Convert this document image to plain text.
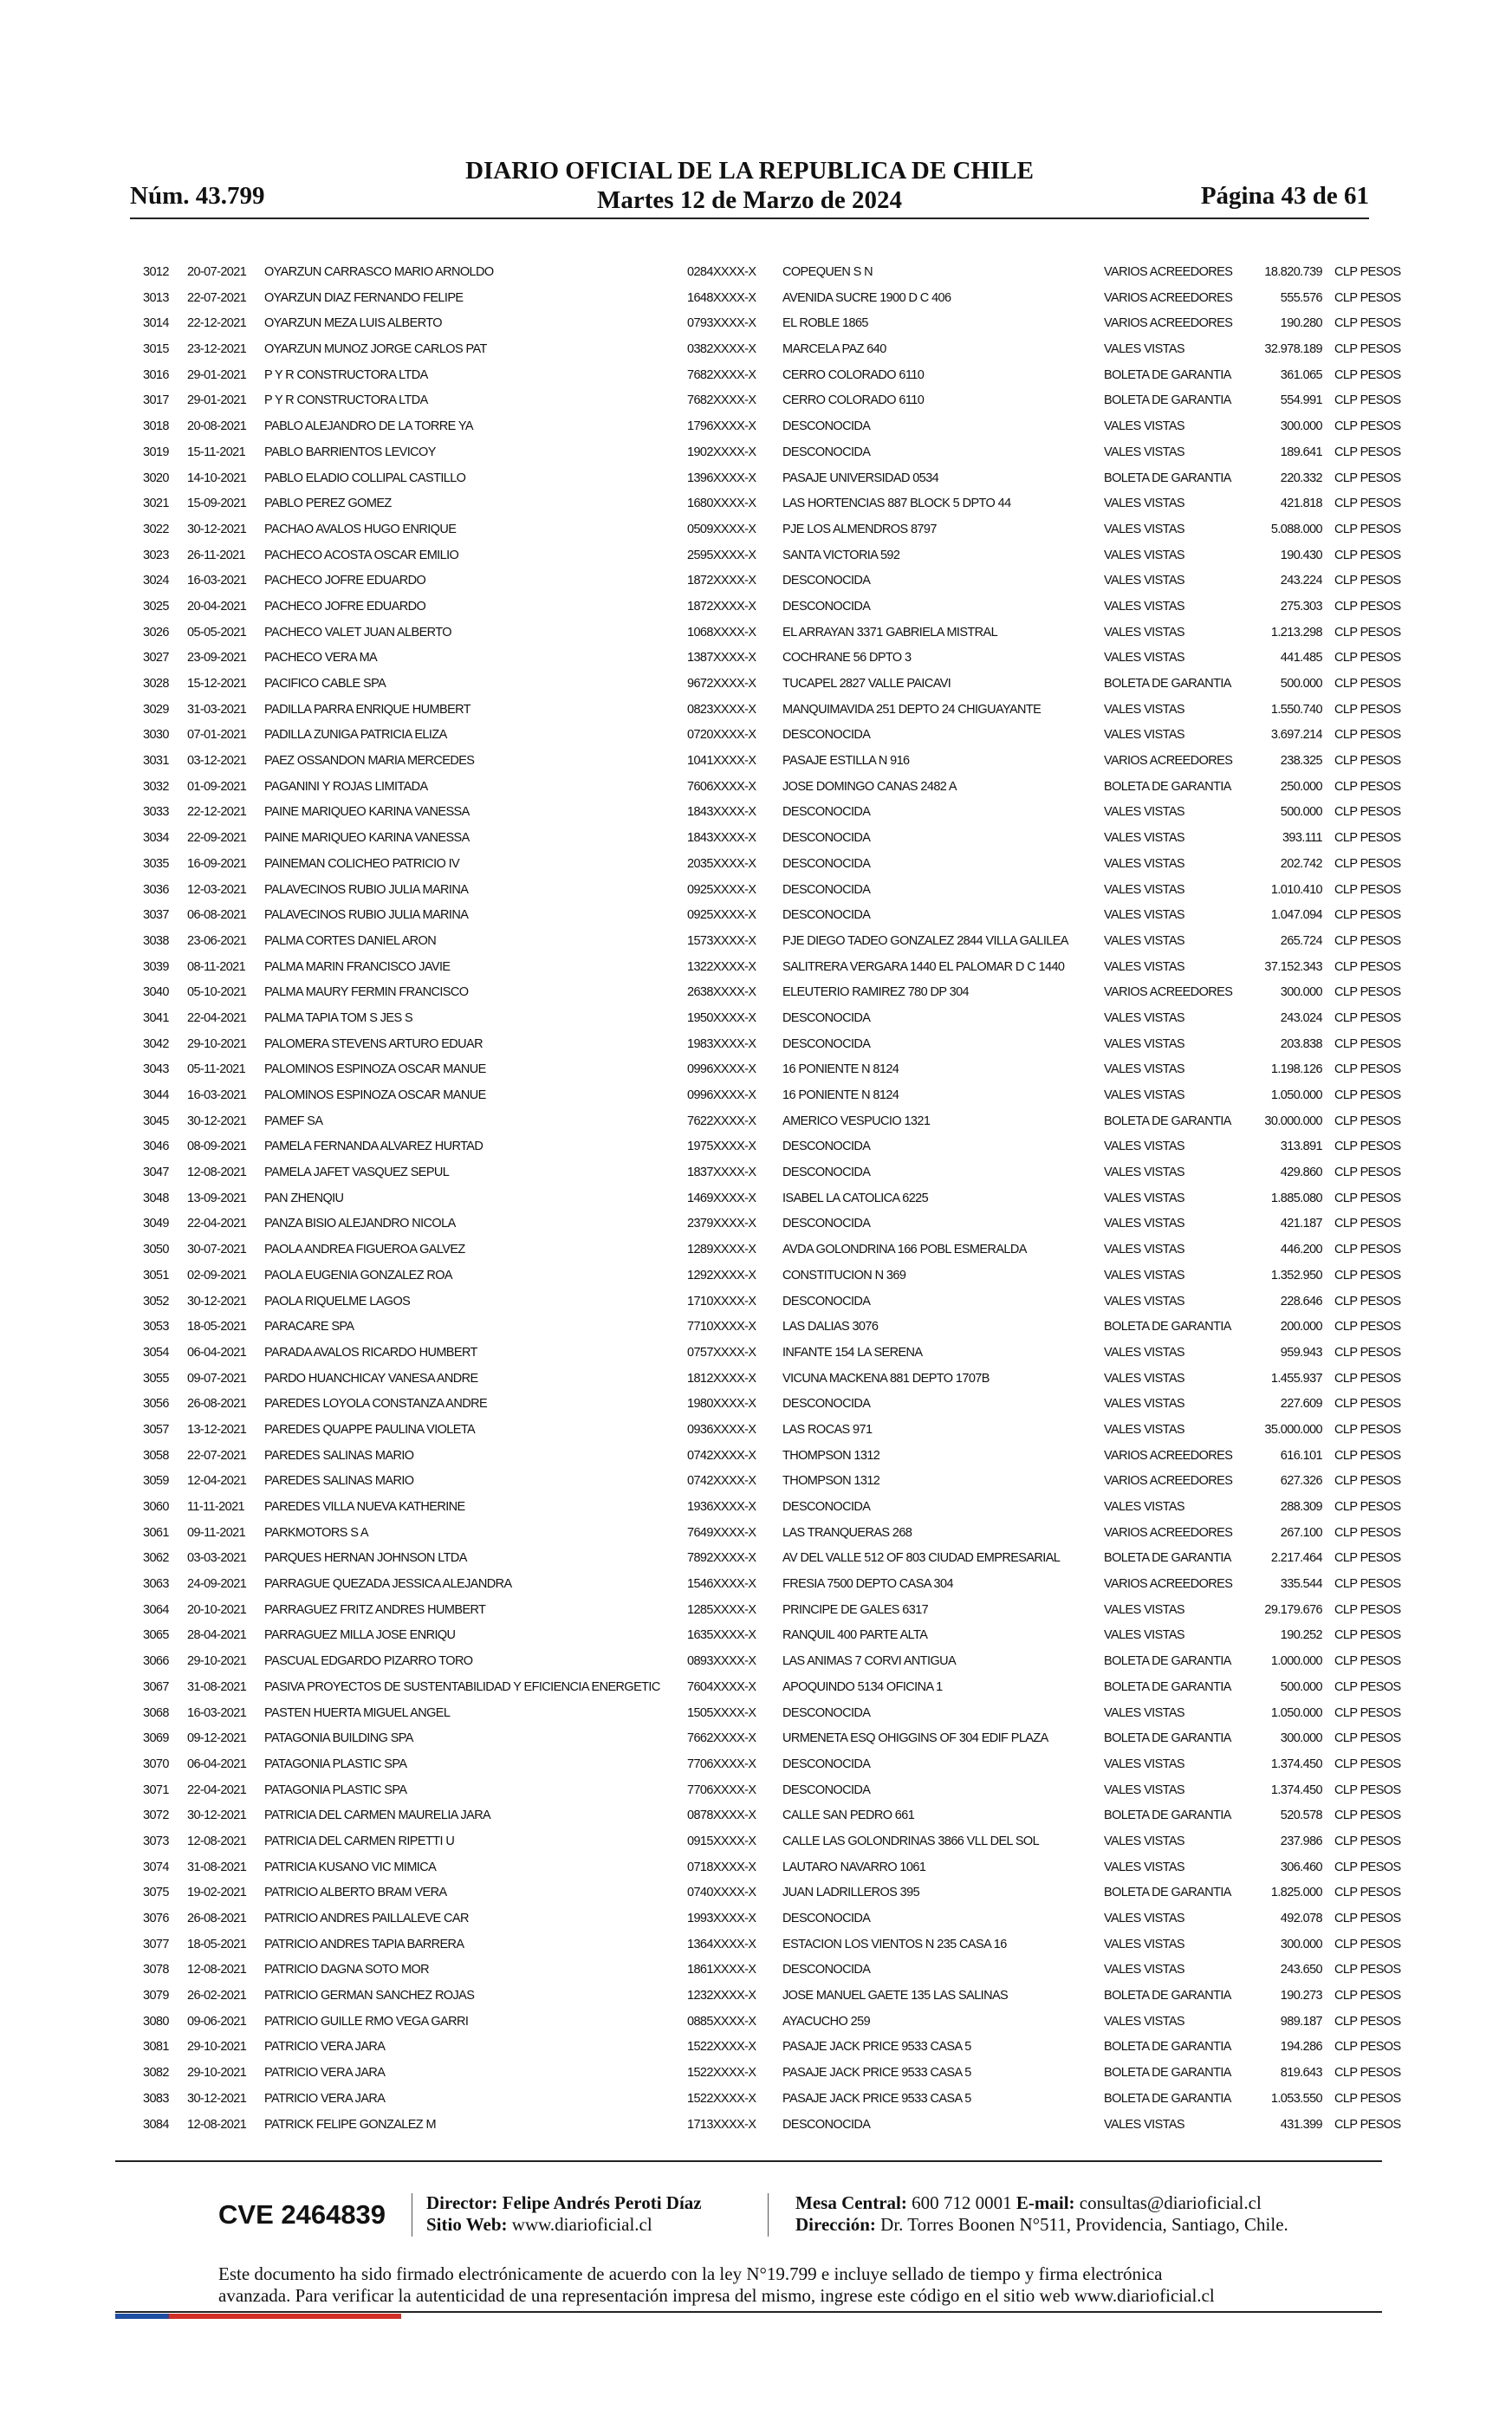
Núm. 43.799
DIARIO OFICIAL DE LA REPUBLICA DE CHILE
Martes 12 de Marzo de 2024	Página 43 de 61
3012 20-07-2021 OYARZUN CARRASCO MARIO ARNOLDO	0284XXXX-X COPEQUEN S N	VARIOS ACREEDORES	18.820.739 CLP PESOS
3013 22-07-2021 OYARZUN DIAZ FERNANDO FELIPE	1648XXXX-X AVENIDA SUCRE 1900 D C 406	VARIOS ACREEDORES	555.576 CLP PESOS
3014 22-12-2021 OYARZUN MEZA LUIS ALBERTO	0793XXXX-X EL ROBLE 1865	VARIOS ACREEDORES	190.280 CLP PESOS
3015 23-12-2021 OYARZUN MUNOZ JORGE CARLOS PAT	0382XXXX-X MARCELA PAZ 640	VALES VISTAS	32.978.189 CLP PESOS
3016 29-01-2021 P Y R CONSTRUCTORA LTDA	7682XXXX-X CERRO COLORADO 6110	BOLETA DE GARANTIA	361.065 CLP PESOS
3017 29-01-2021 P Y R CONSTRUCTORA LTDA	7682XXXX-X CERRO COLORADO 6110	BOLETA DE GARANTIA	554.991 CLP PESOS
3018 20-08-2021 PABLO ALEJANDRO DE LA TORRE YA	1796XXXX-X DESCONOCIDA	VALES VISTAS	300.000 CLP PESOS
3019 15-11-2021 PABLO BARRIENTOS LEVICOY	1902XXXX-X DESCONOCIDA	VALES VISTAS	189.641 CLP PESOS
3020 14-10-2021 PABLO ELADIO COLLIPAL CASTILLO	1396XXXX-X PASAJE UNIVERSIDAD 0534	BOLETA DE GARANTIA	220.332 CLP PESOS
3021 15-09-2021 PABLO PEREZ GOMEZ	1680XXXX-X LAS HORTENCIAS 887 BLOCK 5 DPTO 44	VALES VISTAS	421.818 CLP PESOS
3022 30-12-2021 PACHAO AVALOS HUGO ENRIQUE	0509XXXX-X PJE LOS ALMENDROS 8797	VALES VISTAS	5.088.000 CLP PESOS
3023 26-11-2021 PACHECO ACOSTA OSCAR EMILIO	2595XXXX-X SANTA VICTORIA 592	VALES VISTAS	190.430 CLP PESOS
3024 16-03-2021 PACHECO JOFRE EDUARDO	1872XXXX-X DESCONOCIDA	VALES VISTAS	243.224 CLP PESOS
3025 20-04-2021 PACHECO JOFRE EDUARDO	1872XXXX-X DESCONOCIDA	VALES VISTAS	275.303 CLP PESOS
3026 05-05-2021 PACHECO VALET JUAN ALBERTO	1068XXXX-X EL ARRAYAN 3371 GABRIELA MISTRAL	VALES VISTAS	1.213.298 CLP PESOS
3027 23-09-2021 PACHECO VERA MA	1387XXXX-X COCHRANE 56 DPTO 3	VALES VISTAS	441.485 CLP PESOS
3028 15-12-2021 PACIFICO CABLE SPA	9672XXXX-X TUCAPEL 2827 VALLE PAICAVI	BOLETA DE GARANTIA	500.000 CLP PESOS
3029 31-03-2021 PADILLA PARRA ENRIQUE HUMBERT	0823XXXX-X MANQUIMAVIDA 251 DEPTO 24 CHIGUAYANTE	VALES VISTAS	1.550.740 CLP PESOS
3030 07-01-2021 PADILLA ZUNIGA PATRICIA ELIZA	0720XXXX-X DESCONOCIDA	VALES VISTAS	3.697.214 CLP PESOS
3031 03-12-2021 PAEZ OSSANDON MARIA MERCEDES	1041XXXX-X PASAJE ESTILLA N 916	VARIOS ACREEDORES	238.325 CLP PESOS
3032 01-09-2021 PAGANINI Y ROJAS LIMITADA	7606XXXX-X JOSE DOMINGO CANAS 2482 A	BOLETA DE GARANTIA	250.000 CLP PESOS
3033 22-12-2021 PAINE MARIQUEO KARINA VANESSA	1843XXXX-X DESCONOCIDA	VALES VISTAS	500.000 CLP PESOS
3034 22-09-2021 PAINE MARIQUEO KARINA VANESSA	1843XXXX-X DESCONOCIDA	VALES VISTAS	393.111 CLP PESOS
3035 16-09-2021 PAINEMAN COLICHEO PATRICIO IV	2035XXXX-X DESCONOCIDA	VALES VISTAS	202.742 CLP PESOS
3036 12-03-2021 PALAVECINOS RUBIO JULIA MARINA	0925XXXX-X DESCONOCIDA	VALES VISTAS	1.010.410 CLP PESOS
3037 06-08-2021 PALAVECINOS RUBIO JULIA MARINA	0925XXXX-X DESCONOCIDA	VALES VISTAS	1.047.094 CLP PESOS
3038 23-06-2021 PALMA CORTES DANIEL ARON	1573XXXX-X PJE DIEGO TADEO GONZALEZ 2844 VILLA GALILEA	VALES VISTAS	265.724 CLP PESOS
3039 08-11-2021 PALMA MARIN FRANCISCO JAVIE	1322XXXX-X SALITRERA VERGARA 1440 EL PALOMAR D C 1440	VALES VISTAS	37.152.343 CLP PESOS
3040 05-10-2021 PALMA MAURY FERMIN FRANCISCO	2638XXXX-X ELEUTERIO RAMIREZ 780 DP 304	VARIOS ACREEDORES	300.000 CLP PESOS
3041 22-04-2021 PALMA TAPIA TOM S JES S	1950XXXX-X DESCONOCIDA	VALES VISTAS	243.024 CLP PESOS
3042 29-10-2021 PALOMERA STEVENS ARTURO EDUAR	1983XXXX-X DESCONOCIDA	VALES VISTAS	203.838 CLP PESOS
3043 05-11-2021 PALOMINOS ESPINOZA OSCAR MANUE	0996XXXX-X 16 PONIENTE N 8124	VALES VISTAS	1.198.126 CLP PESOS
3044 16-03-2021 PALOMINOS ESPINOZA OSCAR MANUE	0996XXXX-X 16 PONIENTE N 8124	VALES VISTAS	1.050.000 CLP PESOS
3045 30-12-2021 PAMEF SA	7622XXXX-X AMERICO VESPUCIO 1321	BOLETA DE GARANTIA	30.000.000 CLP PESOS
3046 08-09-2021 PAMELA FERNANDA ALVAREZ HURTAD	1975XXXX-X DESCONOCIDA	VALES VISTAS	313.891 CLP PESOS
3047 12-08-2021 PAMELA JAFET VASQUEZ SEPUL	1837XXXX-X DESCONOCIDA	VALES VISTAS	429.860 CLP PESOS
3048 13-09-2021 PAN ZHENQIU	1469XXXX-X ISABEL LA CATOLICA 6225	VALES VISTAS	1.885.080 CLP PESOS
3049 22-04-2021 PANZA BISIO ALEJANDRO NICOLA	2379XXXX-X DESCONOCIDA	VALES VISTAS	421.187 CLP PESOS
3050 30-07-2021 PAOLA ANDREA FIGUEROA GALVEZ	1289XXXX-X AVDA GOLONDRINA 166 POBL ESMERALDA	VALES VISTAS	446.200 CLP PESOS
3051 02-09-2021 PAOLA EUGENIA GONZALEZ ROA	1292XXXX-X CONSTITUCION N 369	VALES VISTAS	1.352.950 CLP PESOS
3052 30-12-2021 PAOLA RIQUELME LAGOS	1710XXXX-X DESCONOCIDA	VALES VISTAS	228.646 CLP PESOS
3053 18-05-2021 PARACARE SPA	7710XXXX-X LAS DALIAS 3076	BOLETA DE GARANTIA	200.000 CLP PESOS
3054 06-04-2021 PARADA AVALOS RICARDO HUMBERT	0757XXXX-X INFANTE 154 LA SERENA	VALES VISTAS	959.943 CLP PESOS
3055 09-07-2021 PARDO HUANCHICAY VANESA ANDRE	1812XXXX-X VICUNA MACKENA 881 DEPTO 1707B	VALES VISTAS	1.455.937 CLP PESOS
3056 26-08-2021 PAREDES LOYOLA CONSTANZA ANDRE	1980XXXX-X DESCONOCIDA	VALES VISTAS	227.609 CLP PESOS
3057 13-12-2021 PAREDES QUAPPE PAULINA VIOLETA	0936XXXX-X LAS ROCAS 971	VALES VISTAS	35.000.000 CLP PESOS
3058 22-07-2021 PAREDES SALINAS MARIO	0742XXXX-X THOMPSON 1312	VARIOS ACREEDORES	616.101 CLP PESOS
3059 12-04-2021 PAREDES SALINAS MARIO	0742XXXX-X THOMPSON 1312	VARIOS ACREEDORES	627.326 CLP PESOS
3060 11-11-2021 PAREDES VILLA NUEVA KATHERINE	1936XXXX-X DESCONOCIDA	VALES VISTAS	288.309 CLP PESOS
3061 09-11-2021 PARKMOTORS S A	7649XXXX-X LAS TRANQUERAS 268	VARIOS ACREEDORES	267.100 CLP PESOS
3062 03-03-2021 PARQUES HERNAN JOHNSON LTDA	7892XXXX-X AV DEL VALLE 512 OF 803 CIUDAD EMPRESARIAL	BOLETA DE GARANTIA	2.217.464 CLP PESOS
3063 24-09-2021 PARRAGUE QUEZADA JESSICA ALEJANDRA	1546XXXX-X FRESIA 7500 DEPTO CASA 304	VARIOS ACREEDORES	335.544 CLP PESOS
3064 20-10-2021 PARRAGUEZ FRITZ ANDRES HUMBERT	1285XXXX-X PRINCIPE DE GALES 6317	VALES VISTAS	29.179.676 CLP PESOS
3065 28-04-2021 PARRAGUEZ MILLA JOSE ENRIQU	1635XXXX-X RANQUIL 400 PARTE ALTA	VALES VISTAS	190.252 CLP PESOS
3066 29-10-2021 PASCUAL EDGARDO PIZARRO TORO	0893XXXX-X LAS ANIMAS 7 CORVI ANTIGUA	BOLETA DE GARANTIA	1.000.000 CLP PESOS
3067 31-08-2021 PASIVA PROYECTOS DE SUSTENTABILIDAD Y EFICIENCIA ENERGETIC 7604XXXX-X APOQUINDO 5134 OFICINA 1	BOLETA DE GARANTIA	500.000 CLP PESOS
3068 16-03-2021 PASTEN HUERTA MIGUEL ANGEL	1505XXXX-X DESCONOCIDA	VALES VISTAS	1.050.000 CLP PESOS
3069 09-12-2021 PATAGONIA BUILDING SPA	7662XXXX-X URMENETA ESQ OHIGGINS OF 304 EDIF PLAZA	BOLETA DE GARANTIA	300.000 CLP PESOS
3070 06-04-2021 PATAGONIA PLASTIC SPA	7706XXXX-X DESCONOCIDA	VALES VISTAS	1.374.450 CLP PESOS
3071 22-04-2021 PATAGONIA PLASTIC SPA	7706XXXX-X DESCONOCIDA	VALES VISTAS	1.374.450 CLP PESOS
3072 30-12-2021 PATRICIA DEL CARMEN MAURELIA JARA	0878XXXX-X CALLE SAN PEDRO 661	BOLETA DE GARANTIA	520.578 CLP PESOS
3073 12-08-2021 PATRICIA DEL CARMEN RIPETTI U	0915XXXX-X CALLE LAS GOLONDRINAS 3866 VLL DEL SOL	VALES VISTAS	237.986 CLP PESOS
3074 31-08-2021 PATRICIA KUSANO VIC MIMICA	0718XXXX-X LAUTARO NAVARRO 1061	VALES VISTAS	306.460 CLP PESOS
3075 19-02-2021 PATRICIO ALBERTO BRAM VERA	0740XXXX-X JUAN LADRILLEROS 395	BOLETA DE GARANTIA	1.825.000 CLP PESOS
3076 26-08-2021 PATRICIO ANDRES PAILLALEVE CAR	1993XXXX-X DESCONOCIDA	VALES VISTAS	492.078 CLP PESOS
3077 18-05-2021 PATRICIO ANDRES TAPIA BARRERA	1364XXXX-X ESTACION LOS VIENTOS N 235 CASA 16	VALES VISTAS	300.000 CLP PESOS
3078 12-08-2021 PATRICIO DAGNA SOTO MOR	1861XXXX-X DESCONOCIDA	VALES VISTAS	243.650 CLP PESOS
3079 26-02-2021 PATRICIO GERMAN SANCHEZ ROJAS	1232XXXX-X JOSE MANUEL GAETE 135 LAS SALINAS	BOLETA DE GARANTIA	190.273 CLP PESOS
3080 09-06-2021 PATRICIO GUILLE RMO VEGA GARRI	0885XXXX-X AYACUCHO 259	VALES VISTAS	989.187 CLP PESOS
3081 29-10-2021 PATRICIO VERA JARA	1522XXXX-X PASAJE JACK PRICE 9533 CASA 5	BOLETA DE GARANTIA	194.286 CLP PESOS
3082 29-10-2021 PATRICIO VERA JARA	1522XXXX-X PASAJE JACK PRICE 9533 CASA 5	BOLETA DE GARANTIA	819.643 CLP PESOS
3083 30-12-2021 PATRICIO VERA JARA	1522XXXX-X PASAJE JACK PRICE 9533 CASA 5	BOLETA DE GARANTIA	1.053.550 CLP PESOS
3084 12-08-2021 PATRICK FELIPE GONZALEZ M	1713XXXX-X DESCONOCIDA	VALES VISTAS	431.399 CLP PESOS
CVE 2464839 Director: Felipe Andrés Peroti Díaz
Sitio Web: www.diarioficial.cl
Mesa Central: 600 712 0001 E-mail: consultas@diarioficial.cl
Dirección: Dr. Torres Boonen N°511, Providencia, Santiago, Chile.
Este documento ha sido firmado electrónicamente de acuerdo con la ley N°19.799 e incluye sellado de tiempo y firma electrónica
avanzada. Para verificar la autenticidad de una representación impresa del mismo, ingrese este código en el sitio web www.diarioficial.cl
